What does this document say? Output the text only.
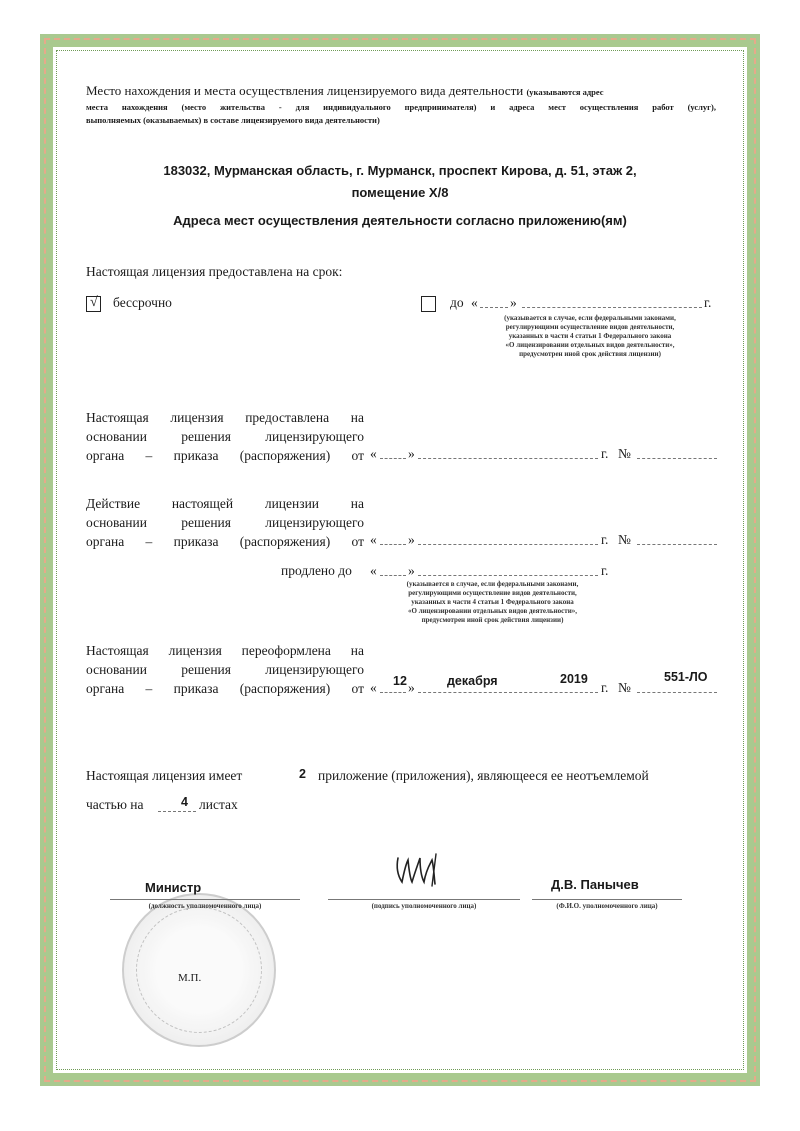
Место нахождения и места осуществления лицензируемого вида деятельности (указываются адрес
места нахождения (место жительства - для индивидуального предпринимателя) и адреса мест осуществления работ (услуг),
выполняемых (оказываемых) в составе лицензируемого вида деятельности)
183032, Мурманская область, г. Мурманск, проспект Кирова, д. 51, этаж 2,
помещение X/8
Адреса мест осуществления деятельности согласно приложению(ям)
Настоящая лицензия предоставлена на срок:
√ бессрочно	до « »	г.
(указывается в случае, если федеральными законами,
регулирующими осуществление видов деятельности,
указанных в части 4 статьи 1 Федерального закона
«О лицензировании отдельных видов деятельности»,
предусмотрен иной срок действия лицензии)
Настоящая лицензия предоставлена на
основании решения лицензирующего
органа – приказа (распоряжения) от « »	г. №
Действие настоящей лицензии на
основании решения лицензирующего
органа – приказа (распоряжения) от « »	г. №
продлено до « »	г.
(указывается в случае, если федеральными законами,
регулирующими осуществление видов деятельности,
указанных в части 4 статьи 1 Федерального закона
«О лицензировании отдельных видов деятельности»,
предусмотрен иной срок действия лицензии)
Настоящая лицензия переоформлена на
основании решения лицензирующего
органа – приказа (распоряжения) от « 12 »	декабря	2019
г. №
551-ЛО
Настоящая лицензия имеет	2 приложение (приложения), являющееся ее неотъемлемой
частью на	4 листах
М.П.
Министр
(должность уполномоченного лица)	(подпись уполномоченного лица)
Д.В. Панычев
(Ф.И.О. уполномоченного лица)
